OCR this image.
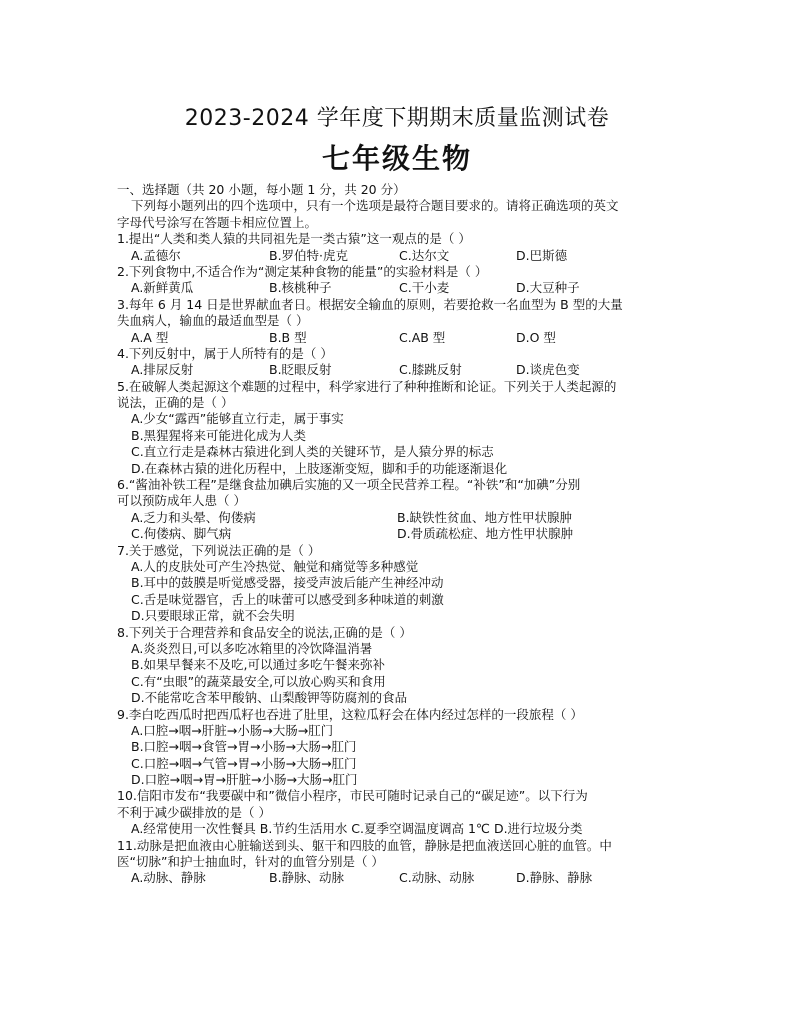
2023-2024 学年度下期期末质量监测试卷
七年级生物
一、选择题（共 20 小题，每小题 1 分，共 20 分）
下列每小题列出的四个选项中，只有一个选项是最符合题目要求的。请将正确选项的英文
字母代号涂写在答题卡相应位置上。
1.提出“人类和类人猿的共同祖先是一类古猿”这一观点的是（ ）
A.孟德尔	B.罗伯特·虎克	C.达尔文	D.巴斯德
2.下列食物中,不适合作为“测定某种食物的能量”的实验材料是（ ）
A.新鲜黄瓜	B.核桃种子	C.干小麦	D.大豆种子
3.每年 6 月 14 日是世界献血者日。根据安全输血的原则，若要抢救一名血型为 B 型的大量
失血病人，输血的最适血型是（ ）
A.A 型	B.B 型	C.AB 型	D.O 型
4.下列反射中，属于人所特有的是（ ）
A.排尿反射	B.眨眼反射	C.膝跳反射	D.谈虎色变
5.在破解人类起源这个难题的过程中，科学家进行了种种推断和论证。下列关于人类起源的
说法，正确的是（ ）
A.少女“露西”能够直立行走，属于事实
B.黑猩猩将来可能进化成为人类
C.直立行走是森林古猿进化到人类的关键环节，是人猿分界的标志
D.在森林古猿的进化历程中，上肢逐渐变短，脚和手的功能逐渐退化
6.“酱油补铁工程”是继食盐加碘后实施的又一项全民营养工程。“补铁”和“加碘”分别
可以预防成年人患（ ）
A.乏力和头晕、佝偻病	B.缺铁性贫血、地方性甲状腺肿
C.佝偻病、脚气病	D.骨质疏松症、地方性甲状腺肿
7.关于感觉，下列说法正确的是（ ）
A.人的皮肤处可产生冷热觉、触觉和痛觉等多种感觉
B.耳中的鼓膜是听觉感受器，接受声波后能产生神经冲动
C.舌是味觉器官，舌上的味蕾可以感受到多种味道的刺激
D.只要眼球正常，就不会失明
8.下列关于合理营养和食品安全的说法,正确的是（ ）
A.炎炎烈日,可以多吃冰箱里的冷饮降温消暑
B.如果早餐来不及吃,可以通过多吃午餐来弥补
C.有“虫眼”的蔬菜最安全,可以放心购买和食用
D.不能常吃含苯甲酸钠、山梨酸钾等防腐剂的食品
9.李白吃西瓜时把西瓜籽也吞进了肚里，这粒瓜籽会在体内经过怎样的一段旅程（ ）
A.口腔→咽→肝脏→小肠→大肠→肛门
B.口腔→咽→食管→胃→小肠→大肠→肛门
C.口腔→咽→气管→胃→小肠→大肠→肛门
D.口腔→咽→胃→肝脏→小肠→大肠→肛门
10.信阳市发布“我要碳中和”微信小程序，市民可随时记录自己的“碳足迹”。以下行为
不利于减少碳排放的是（ ）
A.经常使用一次性餐具 B.节约生活用水 C.夏季空调温度调高 1℃ D.进行垃圾分类
11.动脉是把血液由心脏输送到头、躯干和四肢的血管，静脉是把血液送回心脏的血管。中
医“切脉”和护士抽血时，针对的血管分别是（ ）
A.动脉、静脉	B.静脉、动脉	C.动脉、动脉	D.静脉、静脉
